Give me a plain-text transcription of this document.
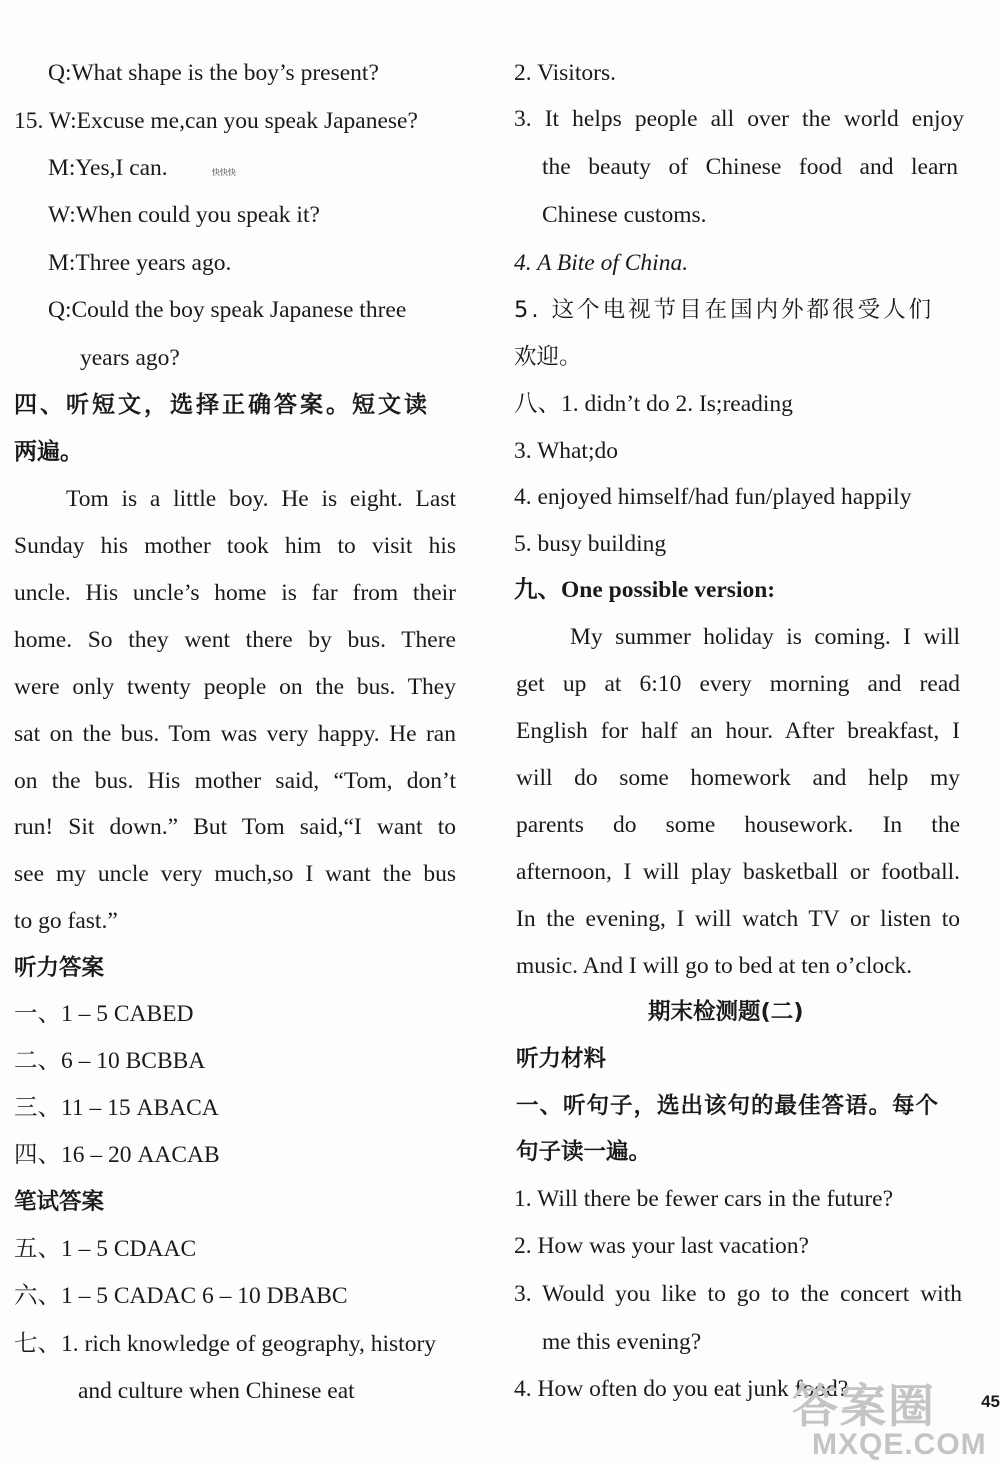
Q:What shape is the boy’s present?
15. W:Excuse me,can you speak Japanese?
M:Yes,I can.	快快快
W:When could you speak it?
M:Three years ago.
Q:Could the boy speak Japanese three
years ago?
四、听短文，选择正确答案。短文读
两遍。
Tom is a little boy. He is eight. Last
Sunday his mother took him to visit his
uncle. His uncle’s home is far from their
home. So they went there by bus. There
were only twenty people on the bus. They
sat on the bus. Tom was very happy. He ran
on the bus. His mother said, “Tom, don’t
run! Sit down.” But Tom said,“I want to
see my uncle very much,so I want the bus
to go fast.”
听力答案
一、1 – 5 CABED
二、6 – 10 BCBBA
三、11 – 15 ABACA
四、16 – 20 AACAB
笔试答案
五、1 – 5 CDAAC
六、1 – 5 CADAC 6 – 10 DBABC
七、1. rich knowledge of geography, history
and culture when Chinese eat
2. Visitors.
3. It helps people all over the world enjoy
the beauty of Chinese food and learn
Chinese customs.
4. A Bite of China.
5. 这个电视节目在国内外都很受人们
欢迎。
八、1. didn’t do 2. Is;reading
3. What;do
4. enjoyed himself/had fun/played happily
5. busy building
九、One possible version:
My summer holiday is coming. I will
get up at 6:10 every morning and read
English for half an hour. After breakfast, I
will do some homework and help my
parents do some housework. In the
afternoon, I will play basketball or football.
In the evening, I will watch TV or listen to
music. And I will go to bed at ten o’clock.
期末检测题(二)
听力材料
一、听句子，选出该句的最佳答语。每个
句子读一遍。
1. Will there be fewer cars in the future?
2. How was your last vacation?
3. Would you like to go to the concert with
me this evening?
4. How often do you eat junk food?
答案圈
MXQE.COM
45
